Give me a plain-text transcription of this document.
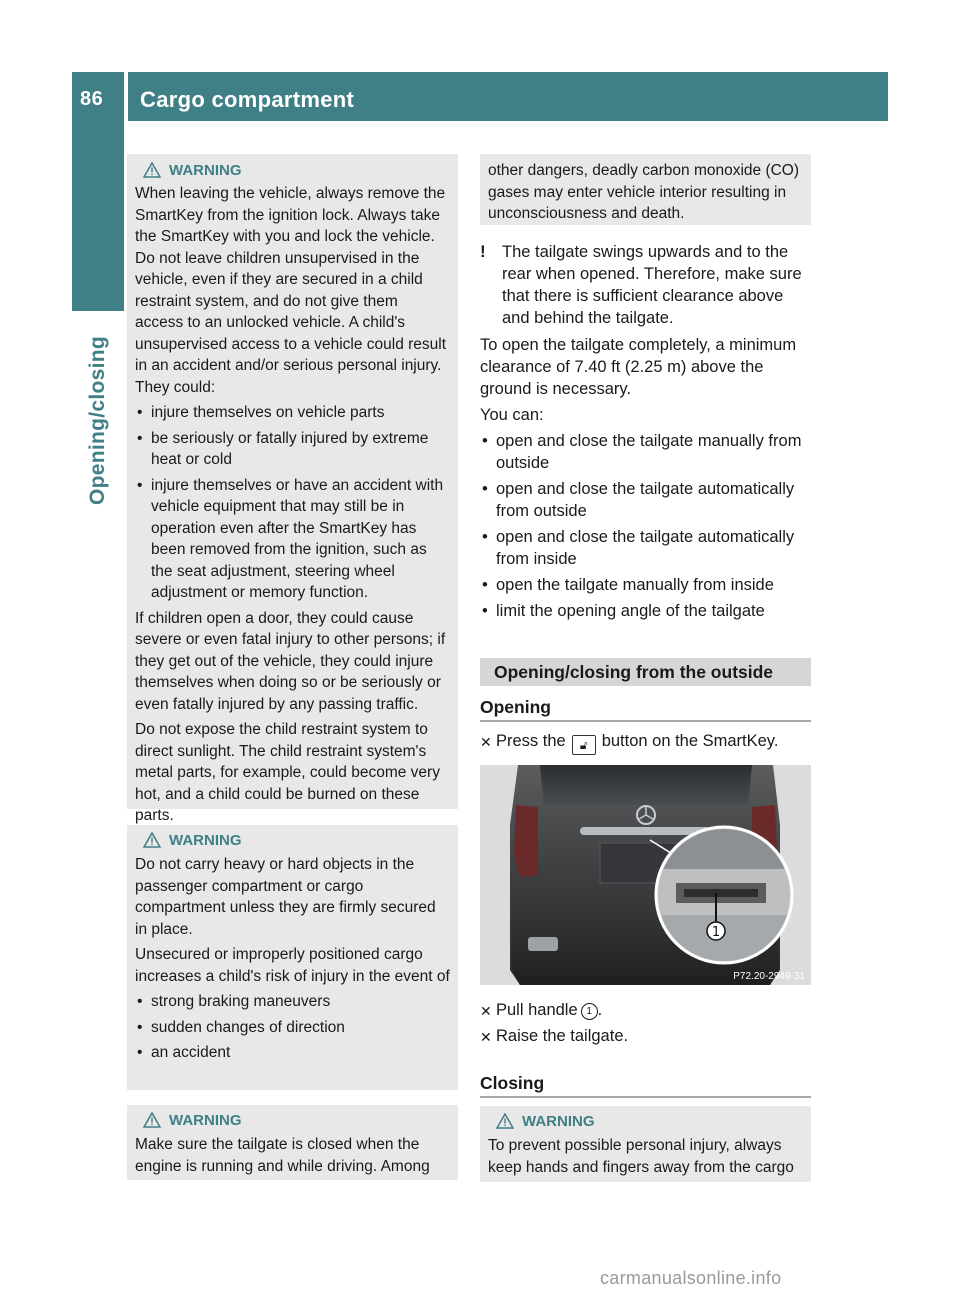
86 Cargo compartment
Opening/closing
WARNING

When leaving the vehicle, always remove the SmartKey from the ignition lock. Always take the SmartKey with you and lock the vehicle. Do not leave children unsupervised in the vehicle, even if they are secured in a child restraint system, and do not give them access to an unlocked vehicle. A child's unsupervised access to a vehicle could result in an accident and/or serious personal injury. They could:

• injure themselves on vehicle parts
• be seriously or fatally injured by extreme heat or cold
• injure themselves or have an accident with vehicle equipment that may still be in operation even after the SmartKey has been removed from the ignition, such as the seat adjustment, steering wheel adjustment or memory function.

If children open a door, they could cause severe or even fatal injury to other persons; if they get out of the vehicle, they could injure themselves when doing so or be seriously or even fatally injured by any passing traffic.

Do not expose the child restraint system to direct sunlight. The child restraint system's metal parts, for example, could become very hot, and a child could be burned on these parts.

WARNING

Do not carry heavy or hard objects in the passenger compartment or cargo compartment unless they are firmly secured in place.

Unsecured or improperly positioned cargo increases a child's risk of injury in the event of

• strong braking maneuvers
• sudden changes of direction
• an accident
WARNING

Make sure the tailgate is closed when the engine is running and while driving. Among

other dangers, deadly carbon monoxide (CO) gases may enter vehicle interior resulting in unconsciousness and death.
! The tailgate swings upwards and to the rear when opened. Therefore, make sure that there is sufficient clearance above and behind the tailgate.

To open the tailgate completely, a minimum clearance of 7.40 ft (2.25 m) above the ground is necessary.

You can:

• open and close the tailgate manually from outside
• open and close the tailgate automatically from outside
• open and close the tailgate automatically from inside
• open the tailgate manually from inside
• limit the opening angle of the tailgate
Opening/closing from the outside
Opening
✕ Press the 🔓︎ button on the SmartKey.
1
P72.20-2949-31
✕ Pull handle 1 .
✕ Raise the tailgate.
Closing
WARNING
To prevent possible personal injury, always keep hands and fingers away from the cargo
carmanualsonline.info
